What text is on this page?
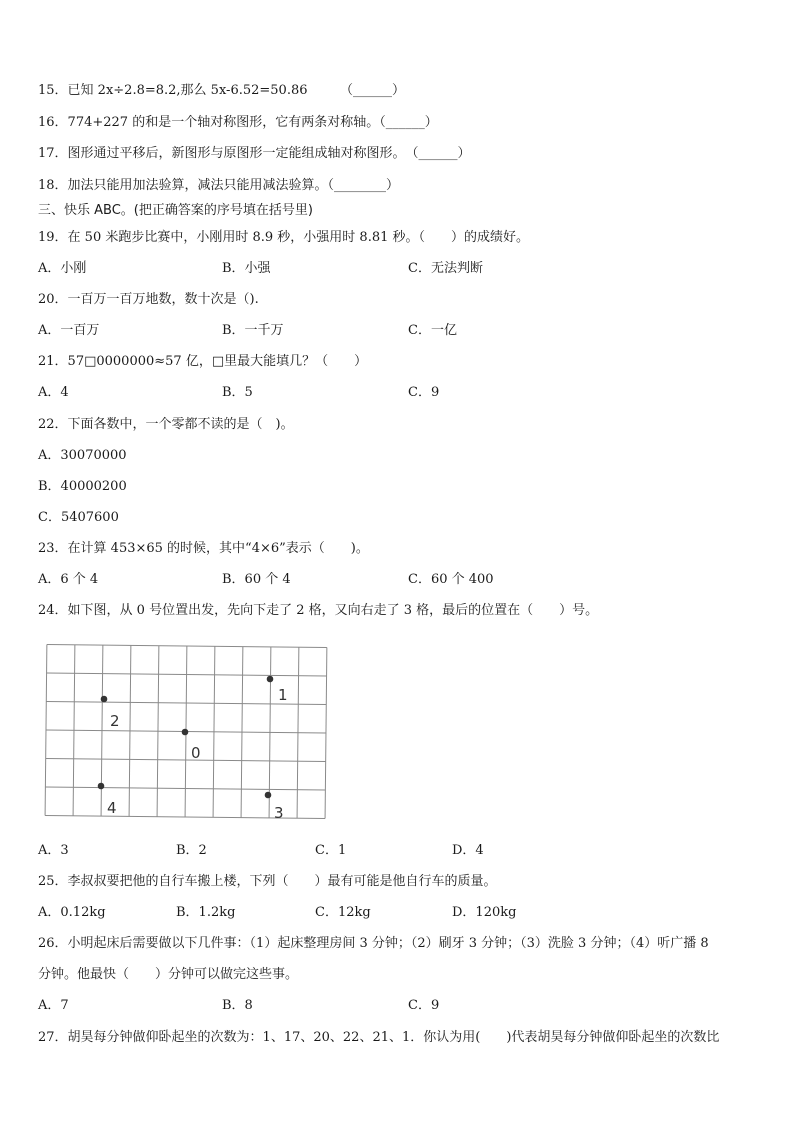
15．已知 2x÷2.8=8.2,那么 5x-6.52=50.86　　　（______）
16．774+227 的和是一个轴对称图形，它有两条对称轴。（______）
17．图形通过平移后，新图形与原图形一定能组成轴对称图形。　（______）
18．加法只能用加法验算，减法只能用减法验算。（________）
三、快乐 ABC。(把正确答案的序号填在括号里)
19．在 50 米跑步比赛中，小刚用时 8.9 秒，小强用时 8.81 秒。（　　）的成绩好。
A．小刚	B．小强	C．无法判断
20．一百万一百万地数，数十次是（).
A．一百万	B．一千万	C．一亿
21．57□0000000≈57 亿，□里最大能填几？（　　）
A．4	B．5	C．9
22．下面各数中，一个零都不读的是（　)。
A．30070000
B．40000200
C．5407600
23．在计算 453×65 的时候，其中“4×6”表示（　　)。
A．6 个 4	B．60 个 4	C．60 个 400
24．如下图，从 0 号位置出发，先向下走了 2 格，又向右走了 3 格，最后的位置在（　　）号。
1
2
0
4	3
A．3	B．2	C．1	D．4
25．李叔叔要把他的自行车搬上楼，下列（　　）最有可能是他自行车的质量。
A．0.12kg	B．1.2kg	C．12kg	D．120kg
26．小明起床后需要做以下几件事：（1）起床整理房间 3 分钟；（2）刷牙 3 分钟；（3）洗脸 3 分钟；（4）听广播 8
分钟。他最快（　　）分钟可以做完这些事。
A．7	B．8	C．9
27．胡昊每分钟做仰卧起坐的次数为：1、17、20、22、21、1．你认为用(　　)代表胡昊每分钟做仰卧起坐的次数比
